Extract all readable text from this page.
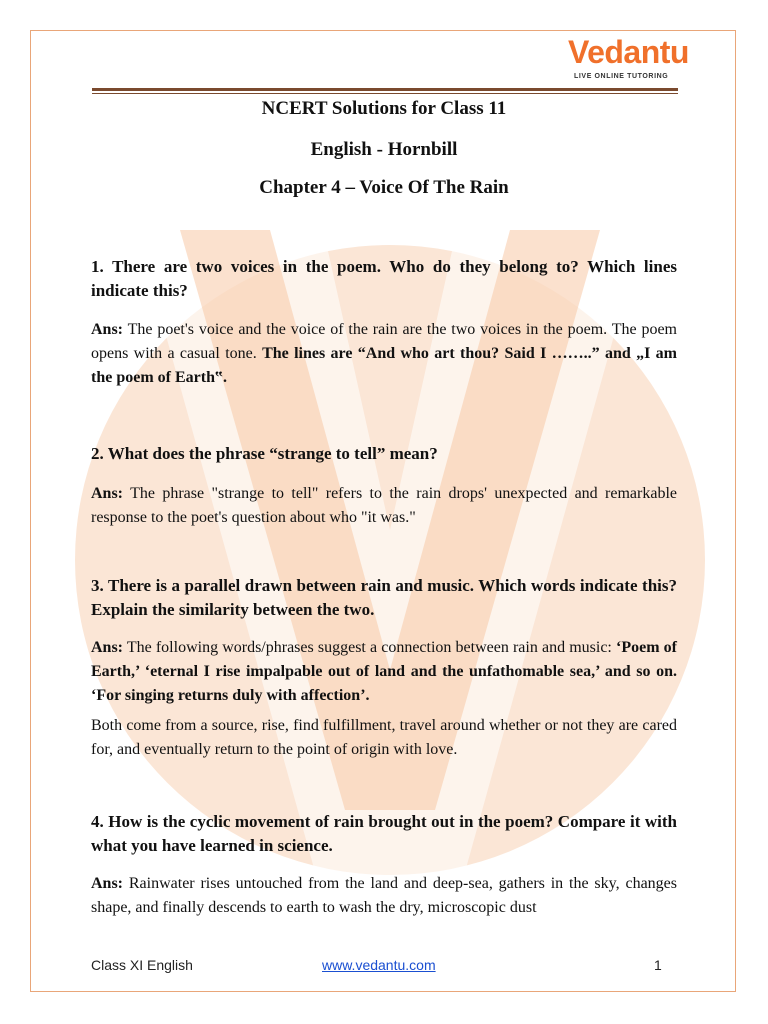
Vedantu
LIVE ONLINE TUTORING
NCERT Solutions for Class 11
English - Hornbill
Chapter 4 – Voice Of The Rain
1. There are two voices in the poem. Who do they belong to? Which lines indicate this?
Ans: The poet's voice and the voice of the rain are the two voices in the poem. The poem opens with a casual tone. The lines are “And who art thou? Said I ……..” and „I am the poem of Earth‟.
2. What does the phrase “strange to tell” mean?
Ans: The phrase "strange to tell" refers to the rain drops' unexpected and remarkable response to the poet's question about who "it was."
3. There is a parallel drawn between rain and music. Which words indicate this? Explain the similarity between the two.
Ans: The following words/phrases suggest a connection between rain and music: ‘Poem of Earth,’ ‘eternal I rise impalpable out of land and the unfathomable sea,’ and so on. ‘For singing returns duly with affection’.
Both come from a source, rise, find fulfillment, travel around whether or not they are cared for, and eventually return to the point of origin with love.
4. How is the cyclic movement of rain brought out in the poem? Compare it with what you have learned in science.
Ans: Rainwater rises untouched from the land and deep-sea, gathers in the sky, changes shape, and finally descends to earth to wash the dry, microscopic dust
Class XI English	www.vedantu.com	1
